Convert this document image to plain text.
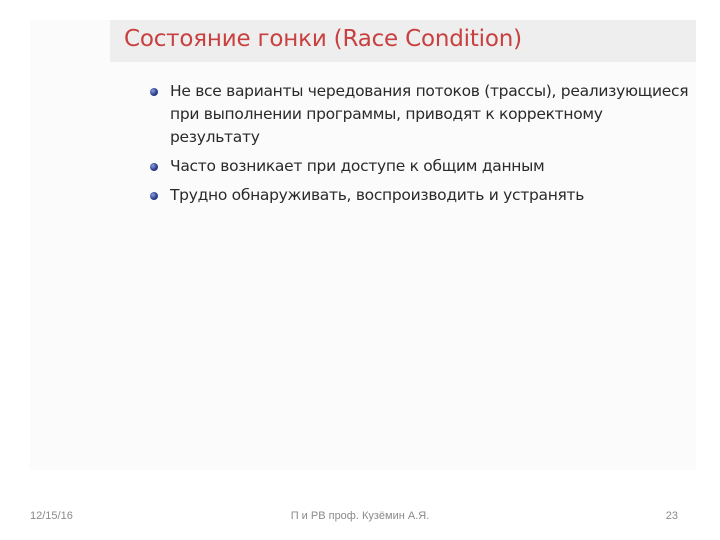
Состояние гонки (Race Condition)
Не все варианты чередования потоков (трассы), реализующиеся при выполнении программы, приводят к корректному результату
Часто возникает при доступе к общим данным
Трудно обнаруживать, воспроизводить и устранять
12/15/16	П и РВ проф. Кузёмин А.Я.	23
